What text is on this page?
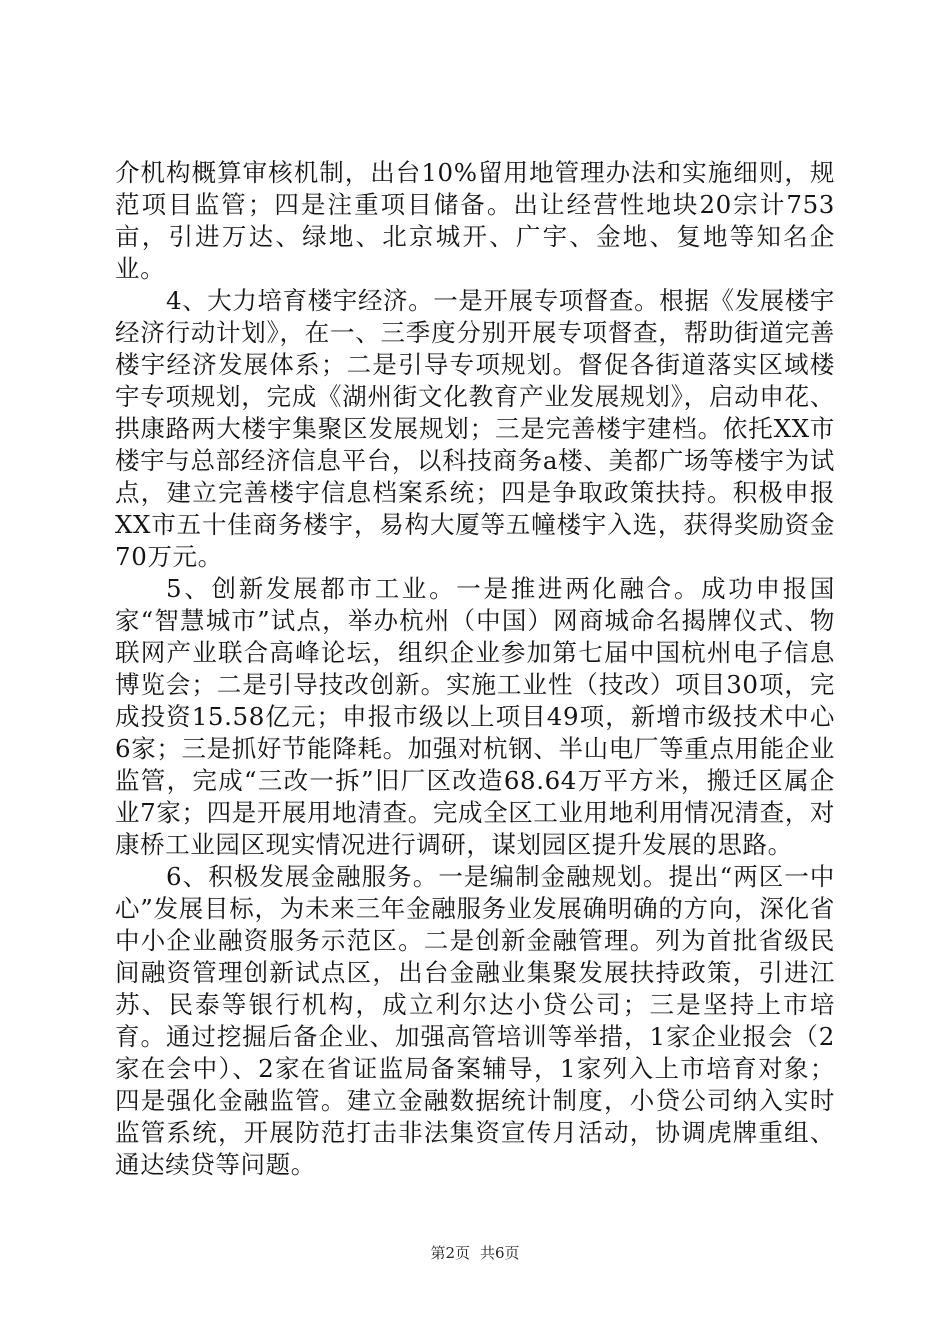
介机构概算审核机制，出台10%留用地管理办法和实施细则，规范项目监管；四是注重项目储备。出让经营性地块20宗计753亩，引进万达、绿地、北京城开、广宇、金地、复地等知名企业。

4、大力培育楼宇经济。一是开展专项督查。根据《发展楼宇经济行动计划》，在一、三季度分别开展专项督查，帮助街道完善楼宇经济发展体系；二是引导专项规划。督促各街道落实区域楼宇专项规划，完成《湖州街文化教育产业发展规划》，启动申花、拱康路两大楼宇集聚区发展规划；三是完善楼宇建档。依托XX市楼宇与总部经济信息平台，以科技商务a楼、美都广场等楼宇为试点，建立完善楼宇信息档案系统；四是争取政策扶持。积极申报XX市五十佳商务楼宇，易构大厦等五幢楼宇入选，获得奖励资金70万元。

5、创新发展都市工业。一是推进两化融合。成功申报国家“智慧城市”试点，举办杭州（中国）网商城命名揭牌仪式、物联网产业联合高峰论坛，组织企业参加第七届中国杭州电子信息博览会；二是引导技改创新。实施工业性（技改）项目30项，完成投资15.58亿元；申报市级以上项目49项，新增市级技术中心6家；三是抓好节能降耗。加强对杭钢、半山电厂等重点用能企业监管，完成“三改一拆”旧厂区改造68.64万平方米，搬迁区属企业7家；四是开展用地清查。完成全区工业用地利用情况清查，对康桥工业园区现实情况进行调研，谋划园区提升发展的思路。

6、积极发展金融服务。一是编制金融规划。提出“两区一中心”发展目标，为未来三年金融服务业发展确明确的方向，深化省中小企业融资服务示范区。二是创新金融管理。列为首批省级民间融资管理创新试点区，出台金融业集聚发展扶持政策，引进江苏、民泰等银行机构，成立利尔达小贷公司；三是坚持上市培育。通过挖掘后备企业、加强高管培训等举措，1家企业报会（2家在会中）、2家在省证监局备案辅导，1家列入上市培育对象；四是强化金融监管。建立金融数据统计制度，小贷公司纳入实时监管系统，开展防范打击非法集资宣传月活动，协调虎牌重组、通达续贷等问题。

第2页 共6页
